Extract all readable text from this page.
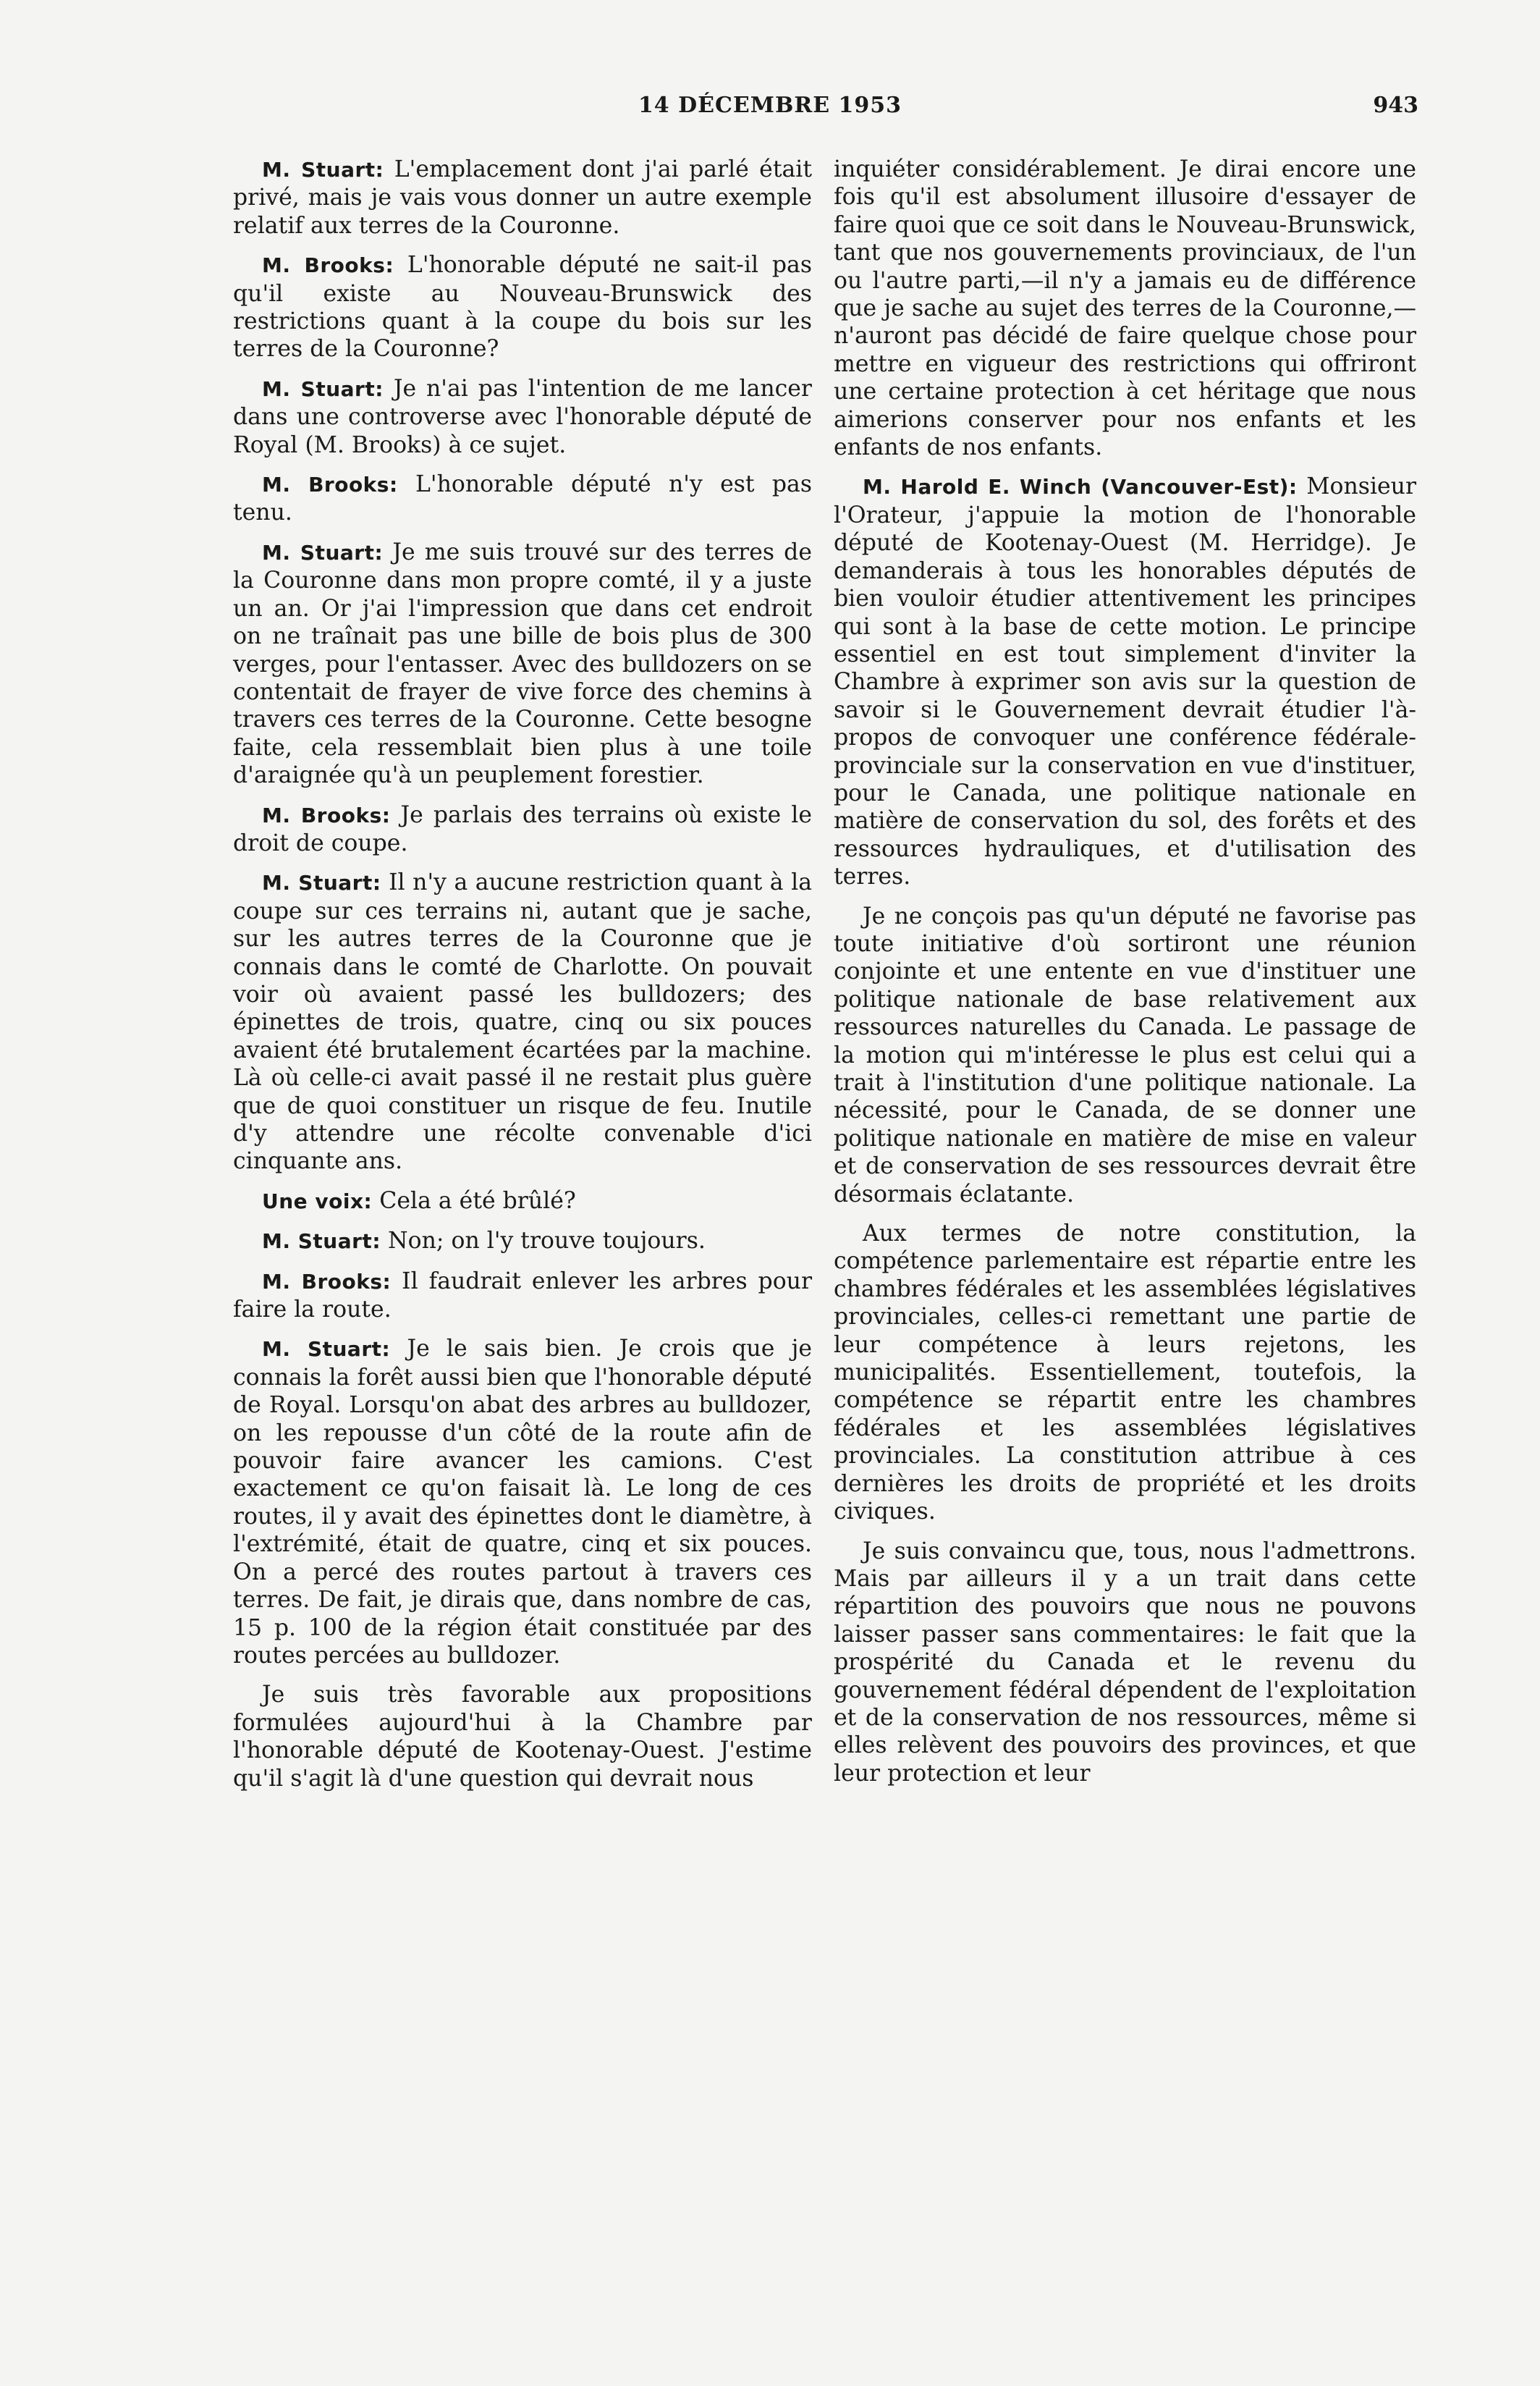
14 DÉCEMBRE 1953	943

M. Stuart: L'emplacement dont j'ai parlé était privé, mais je vais vous donner un autre exemple relatif aux terres de la Couronne.

M. Brooks: L'honorable député ne sait-il pas qu'il existe au Nouveau-Brunswick des restrictions quant à la coupe du bois sur les terres de la Couronne?

M. Stuart: Je n'ai pas l'intention de me lancer dans une controverse avec l'honorable député de Royal (M. Brooks) à ce sujet.

M. Brooks: L'honorable député n'y est pas tenu.

M. Stuart: Je me suis trouvé sur des terres de la Couronne dans mon propre comté, il y a juste un an. Or j'ai l'impression que dans cet endroit on ne traînait pas une bille de bois plus de 300 verges, pour l'entasser. Avec des bulldozers on se contentait de frayer de vive force des chemins à travers ces terres de la Couronne. Cette besogne faite, cela ressemblait bien plus à une toile d'araignée qu'à un peuplement forestier.

M. Brooks: Je parlais des terrains où existe le droit de coupe.

M. Stuart: Il n'y a aucune restriction quant à la coupe sur ces terrains ni, autant que je sache, sur les autres terres de la Couronne que je connais dans le comté de Charlotte. On pouvait voir où avaient passé les bulldozers; des épinettes de trois, quatre, cinq ou six pouces avaient été brutalement écartées par la machine. Là où celle-ci avait passé il ne restait plus guère que de quoi constituer un risque de feu. Inutile d'y attendre une récolte convenable d'ici cinquante ans.

Une voix: Cela a été brûlé?

M. Stuart: Non; on l'y trouve toujours.

M. Brooks: Il faudrait enlever les arbres pour faire la route.

M. Stuart: Je le sais bien. Je crois que je connais la forêt aussi bien que l'honorable député de Royal. Lorsqu'on abat des arbres au bulldozer, on les repousse d'un côté de la route afin de pouvoir faire avancer les camions. C'est exactement ce qu'on faisait là. Le long de ces routes, il y avait des épinettes dont le diamètre, à l'extrémité, était de quatre, cinq et six pouces. On a percé des routes partout à travers ces terres. De fait, je dirais que, dans nombre de cas, 15 p. 100 de la région était constituée par des routes percées au bulldozer.

Je suis très favorable aux propositions formulées aujourd'hui à la Chambre par l'honorable député de Kootenay-Ouest. J'estime qu'il s'agit là d'une question qui devrait nous

inquiéter considérablement. Je dirai encore une fois qu'il est absolument illusoire d'essayer de faire quoi que ce soit dans le Nouveau-Brunswick, tant que nos gouvernements provinciaux, de l'un ou l'autre parti,—il n'y a jamais eu de différence que je sache au sujet des terres de la Couronne,—n'auront pas décidé de faire quelque chose pour mettre en vigueur des restrictions qui offriront une certaine protection à cet héritage que nous aimerions conserver pour nos enfants et les enfants de nos enfants.

M. Harold E. Winch (Vancouver-Est): Monsieur l'Orateur, j'appuie la motion de l'honorable député de Kootenay-Ouest (M. Herridge). Je demanderais à tous les honorables députés de bien vouloir étudier attentivement les principes qui sont à la base de cette motion. Le principe essentiel en est tout simplement d'inviter la Chambre à exprimer son avis sur la question de savoir si le Gouvernement devrait étudier l'à-propos de convoquer une conférence fédérale-provinciale sur la conservation en vue d'instituer, pour le Canada, une politique nationale en matière de conservation du sol, des forêts et des ressources hydrauliques, et d'utilisation des terres.

Je ne conçois pas qu'un député ne favorise pas toute initiative d'où sortiront une réunion conjointe et une entente en vue d'instituer une politique nationale de base relativement aux ressources naturelles du Canada. Le passage de la motion qui m'intéresse le plus est celui qui a trait à l'institution d'une politique nationale. La nécessité, pour le Canada, de se donner une politique nationale en matière de mise en valeur et de conservation de ses ressources devrait être désormais éclatante.

Aux termes de notre constitution, la compétence parlementaire est répartie entre les chambres fédérales et les assemblées législatives provinciales, celles-ci remettant une partie de leur compétence à leurs rejetons, les municipalités. Essentiellement, toutefois, la compétence se répartit entre les chambres fédérales et les assemblées législatives provinciales. La constitution attribue à ces dernières les droits de propriété et les droits civiques.

Je suis convaincu que, tous, nous l'admettrons. Mais par ailleurs il y a un trait dans cette répartition des pouvoirs que nous ne pouvons laisser passer sans commentaires: le fait que la prospérité du Canada et le revenu du gouvernement fédéral dépendent de l'exploitation et de la conservation de nos ressources, même si elles relèvent des pouvoirs des provinces, et que leur protection et leur
